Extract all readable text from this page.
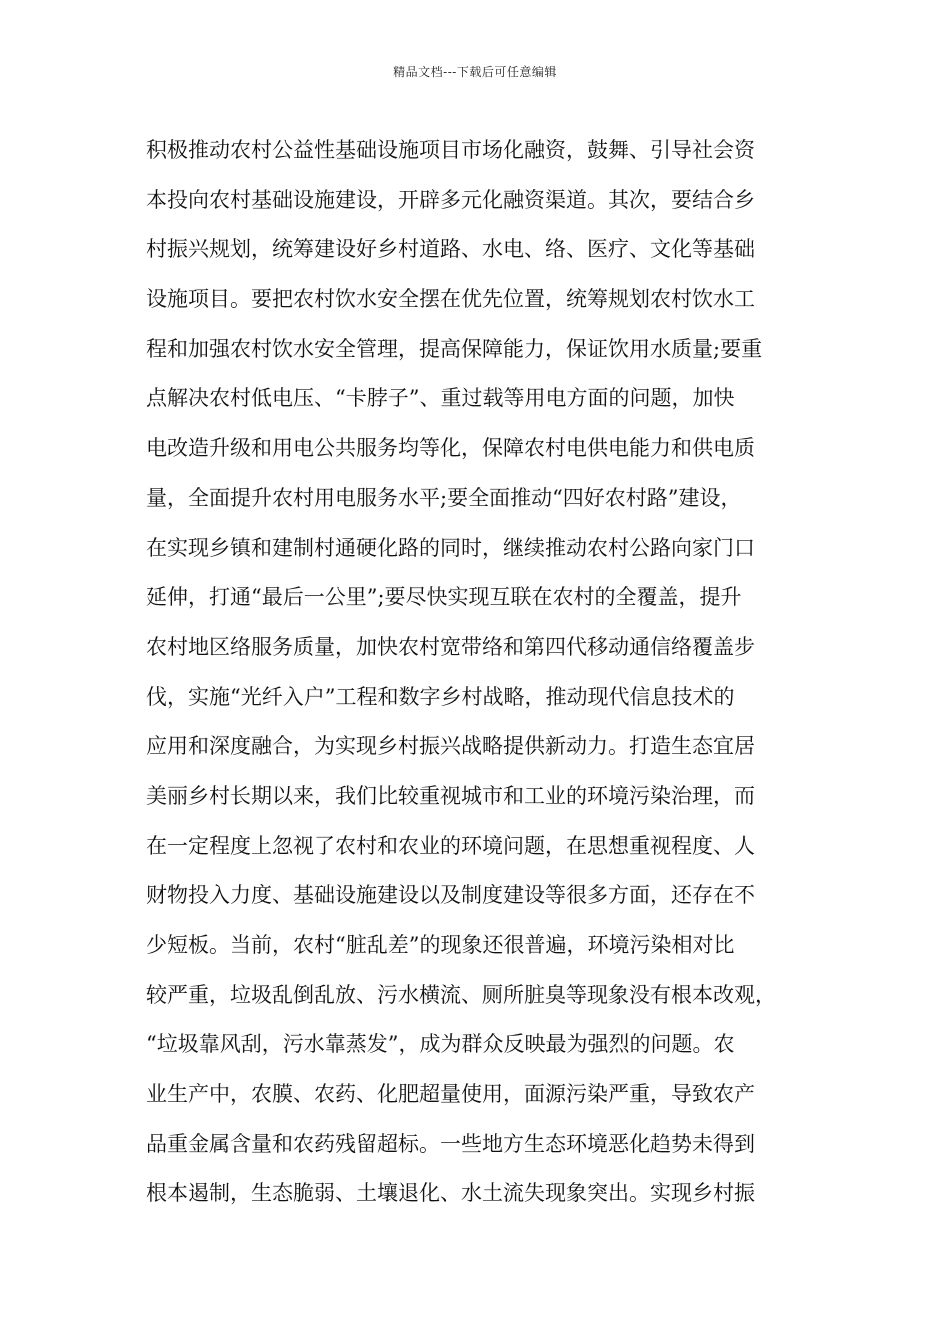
精品文档---下载后可任意编辑
积极推动农村公益性基础设施项目市场化融资，鼓舞、引导社会资
本投向农村基础设施建设，开辟多元化融资渠道。其次，要结合乡
村振兴规划，统筹建设好乡村道路、水电、络、医疗、文化等基础
设施项目。要把农村饮水安全摆在优先位置，统筹规划农村饮水工
程和加强农村饮水安全管理，提高保障能力，保证饮用水质量;要重
点解决农村低电压、“卡脖子”、重过载等用电方面的问题，加快
电改造升级和用电公共服务均等化，保障农村电供电能力和供电质
量，全面提升农村用电服务水平;要全面推动“四好农村路”建设，
在实现乡镇和建制村通硬化路的同时，继续推动农村公路向家门口
延伸，打通“最后一公里”;要尽快实现互联在农村的全覆盖，提升
农村地区络服务质量，加快农村宽带络和第四代移动通信络覆盖步
伐，实施“光纤入户”工程和数字乡村战略，推动现代信息技术的
应用和深度融合，为实现乡村振兴战略提供新动力。打造生态宜居
美丽乡村长期以来，我们比较重视城市和工业的环境污染治理，而
在一定程度上忽视了农村和农业的环境问题，在思想重视程度、人
财物投入力度、基础设施建设以及制度建设等很多方面，还存在不
少短板。当前，农村“脏乱差”的现象还很普遍，环境污染相对比
较严重，垃圾乱倒乱放、污水横流、厕所脏臭等现象没有根本改观，
“垃圾靠风刮，污水靠蒸发”，成为群众反映最为强烈的问题。农
业生产中，农膜、农药、化肥超量使用，面源污染严重，导致农产
品重金属含量和农药残留超标。一些地方生态环境恶化趋势未得到
根本遏制，生态脆弱、土壤退化、水土流失现象突出。实现乡村振
